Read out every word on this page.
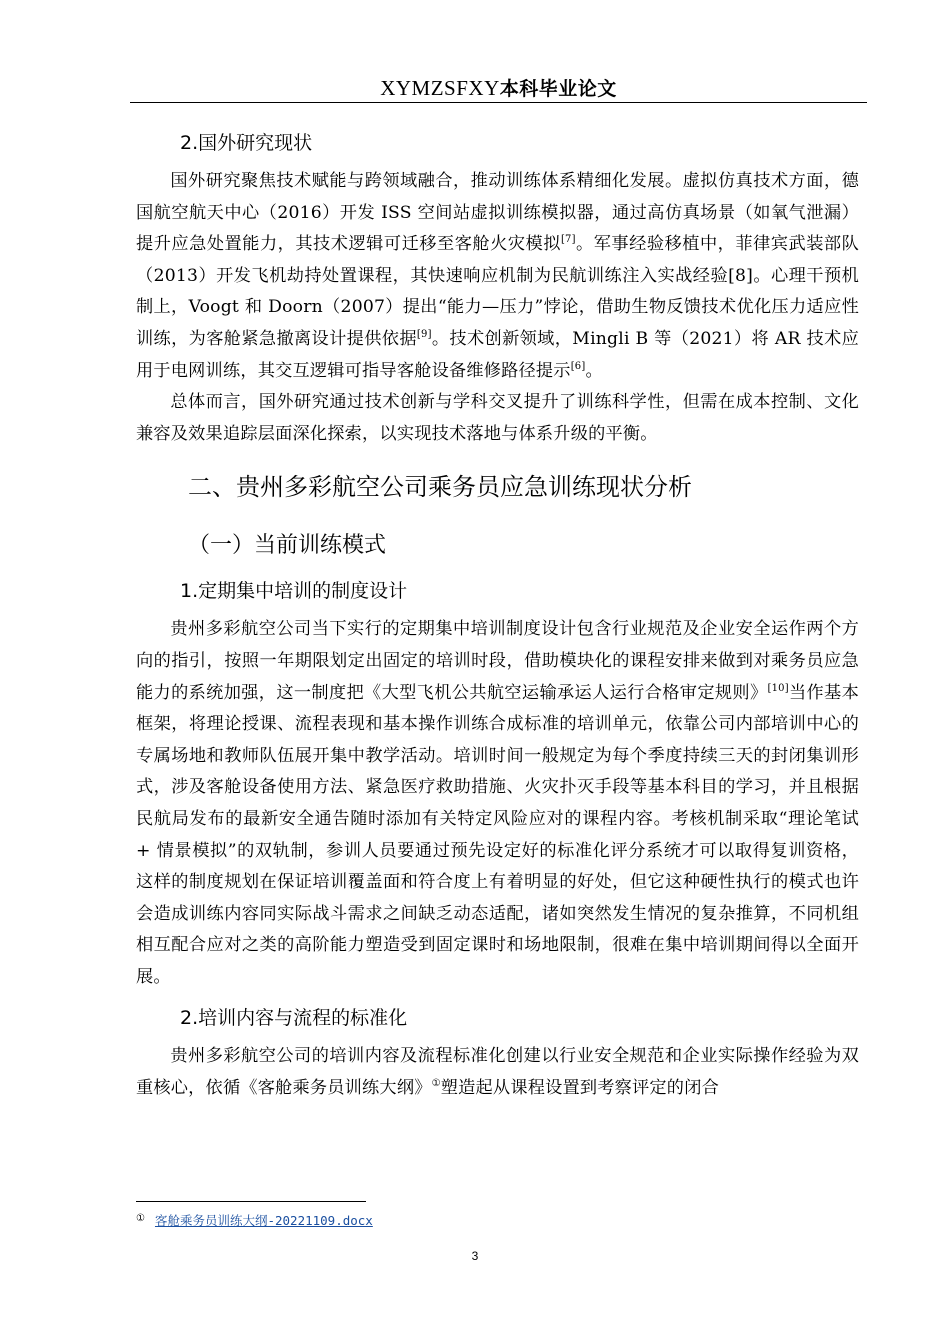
XYMZSFXY本科毕业论文
2.国外研究现状

国外研究聚焦技术赋能与跨领域融合，推动训练体系精细化发展。虚拟仿真技术方面，德国航空航天中心（2016）开发 ISS 空间站虚拟训练模拟器，通过高仿真场景（如氧气泄漏）提升应急处置能力，其技术逻辑可迁移至客舱火灾模拟[7]。军事经验移植中，菲律宾武装部队（2013）开发飞机劫持处置课程，其快速响应机制为民航训练注入实战经验[8]。心理干预机制上，Voogt 和 Doorn（2007）提出“能力—压力”悖论，借助生物反馈技术优化压力适应性训练，为客舱紧急撤离设计提供依据[9]。技术创新领域，Mingli B 等（2021）将 AR 技术应用于电网训练，其交互逻辑可指导客舱设备维修路径提示[6]。

总体而言，国外研究通过技术创新与学科交叉提升了训练科学性，但需在成本控制、文化兼容及效果追踪层面深化探索，以实现技术落地与体系升级的平衡。

二、贵州多彩航空公司乘务员应急训练现状分析
（一）当前训练模式
1.定期集中培训的制度设计

贵州多彩航空公司当下实行的定期集中培训制度设计包含行业规范及企业安全运作两个方向的指引，按照一年期限划定出固定的培训时段，借助模块化的课程安排来做到对乘务员应急能力的系统加强，这一制度把《大型飞机公共航空运输承运人运行合格审定规则》[10]当作基本框架，将理论授课、流程表现和基本操作训练合成标准的培训单元，依靠公司内部培训中心的专属场地和教师队伍展开集中教学活动。培训时间一般规定为每个季度持续三天的封闭集训形式，涉及客舱设备使用方法、紧急医疗救助措施、火灾扑灭手段等基本科目的学习，并且根据民航局发布的最新安全通告随时添加有关特定风险应对的课程内容。考核机制采取“理论笔试 + 情景模拟”的双轨制，参训人员要通过预先设定好的标准化评分系统才可以取得复训资格，这样的制度规划在保证培训覆盖面和符合度上有着明显的好处，但它这种硬性执行的模式也许会造成训练内容同实际战斗需求之间缺乏动态适配，诸如突然发生情况的复杂推算，不同机组相互配合应对之类的高阶能力塑造受到固定课时和场地限制，很难在集中培训期间得以全面开展。

2.培训内容与流程的标准化

贵州多彩航空公司的培训内容及流程标准化创建以行业安全规范和企业实际操作经验为双重核心，依循《客舱乘务员训练大纲》①塑造起从课程设置到考察评定的闭合

① 客舱乘务员训练大纲-20221109.docx
3
